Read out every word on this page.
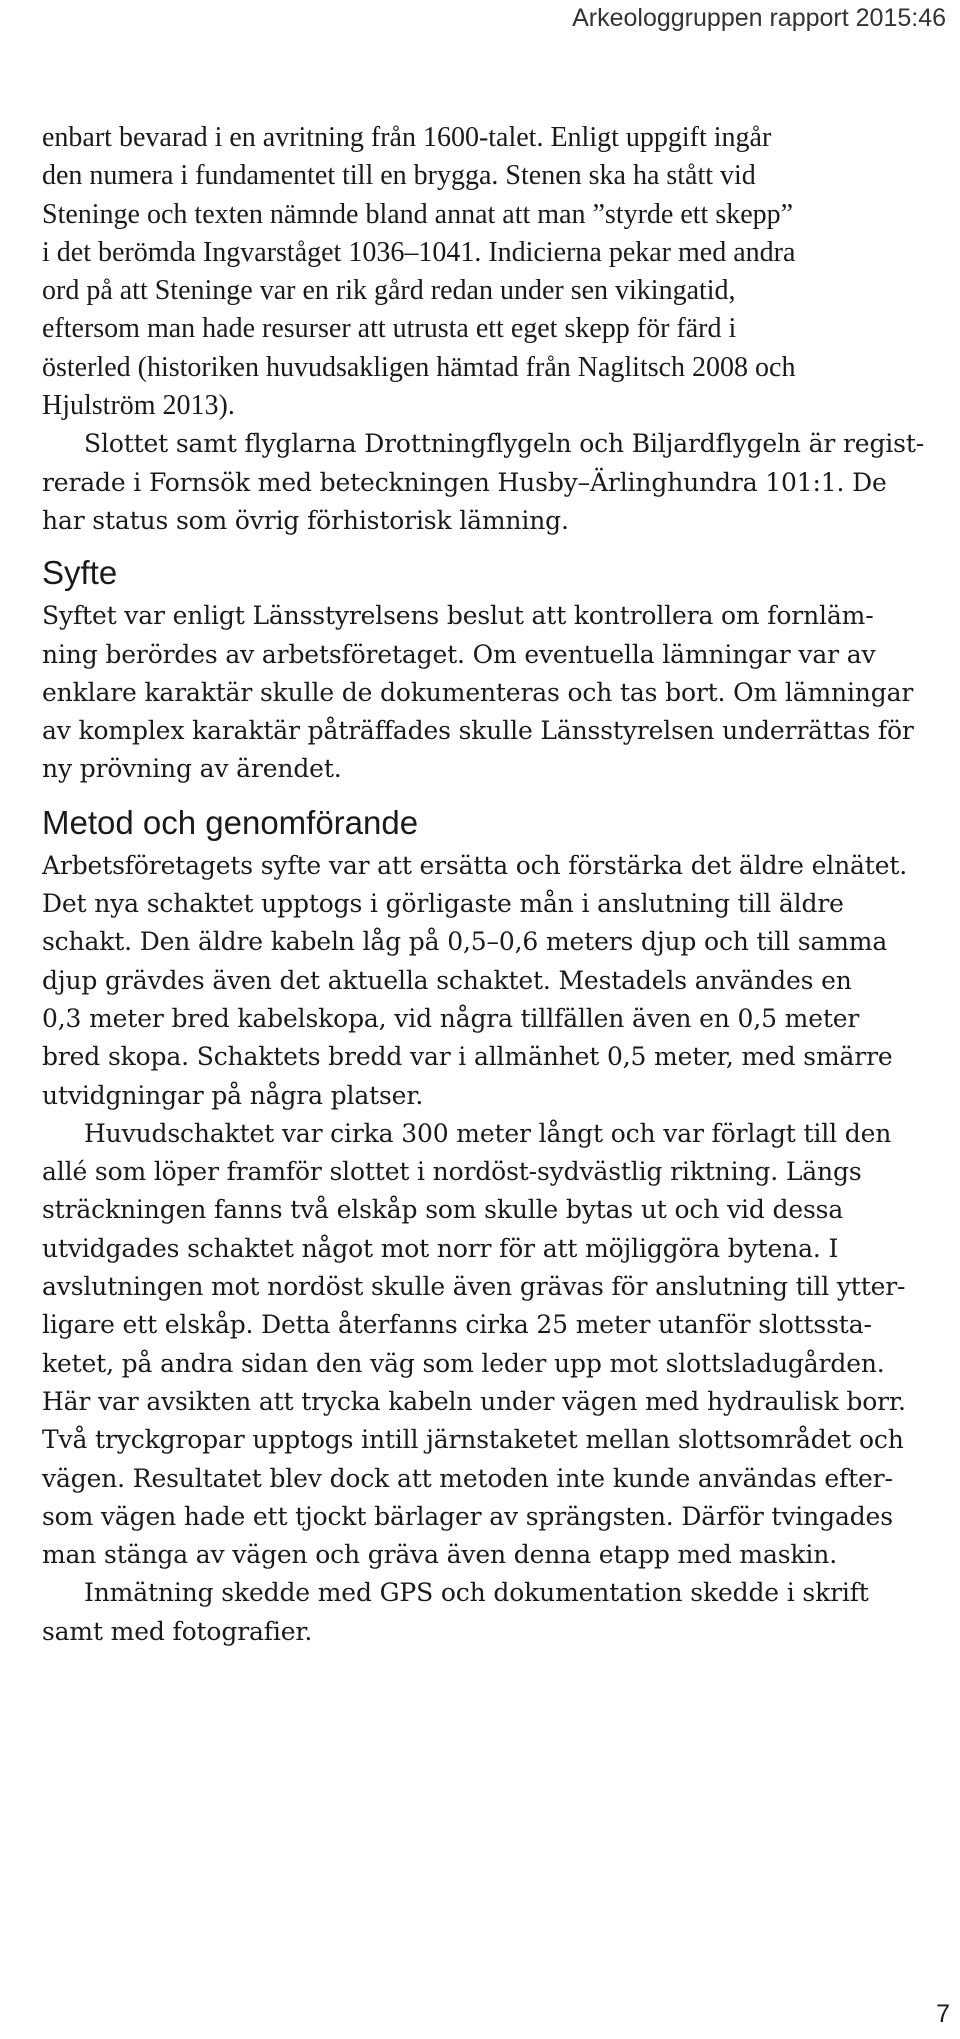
Arkeologgruppen rapport 2015:46

enbart bevarad i en avritning från 1600-talet. Enligt uppgift ingår
den numera i fundamentet till en brygga. Stenen ska ha stått vid
Steninge och texten nämnde bland annat att man ”styrde ett skepp”
i det berömda Ingvarståget 1036–1041. Indicierna pekar med andra
ord på att Steninge var en rik gård redan under sen vikingatid,
eftersom man hade resurser att utrusta ett eget skepp för färd i
österled (historiken huvudsakligen hämtad från Naglitsch 2008 och
Hjulström 2013).

Slottet samt flyglarna Drottningflygeln och Biljardflygeln är regist-
rerade i Fornsök med beteckningen Husby–Ärlinghundra 101:1. De
har status som övrig förhistorisk lämning.

Syfte

Syftet var enligt Länsstyrelsens beslut att kontrollera om fornläm-
ning berördes av arbetsföretaget. Om eventuella lämningar var av
enklare karaktär skulle de dokumenteras och tas bort. Om lämningar
av komplex karaktär påträffades skulle Länsstyrelsen underrättas för
ny prövning av ärendet.

Metod och genomförande

Arbetsföretagets syfte var att ersätta och förstärka det äldre elnätet.
Det nya schaktet upptogs i görligaste mån i anslutning till äldre
schakt. Den äldre kabeln låg på 0,5–0,6 meters djup och till samma
djup grävdes även det aktuella schaktet. Mestadels användes en
0,3 meter bred kabelskopa, vid några tillfällen även en 0,5 meter
bred skopa. Schaktets bredd var i allmänhet 0,5 meter, med smärre
utvidgningar på några platser.

Huvudschaktet var cirka 300 meter långt och var förlagt till den
allé som löper framför slottet i nordöst-sydvästlig riktning. Längs
sträckningen fanns två elskåp som skulle bytas ut och vid dessa
utvidgades schaktet något mot norr för att möjliggöra bytena. I
avslutningen mot nordöst skulle även grävas för anslutning till ytter-
ligare ett elskåp. Detta återfanns cirka 25 meter utanför slottssta-
ketet, på andra sidan den väg som leder upp mot slottsladugården.
Här var avsikten att trycka kabeln under vägen med hydraulisk borr.
Två tryckgropar upptogs intill järnstaketet mellan slottsområdet och
vägen. Resultatet blev dock att metoden inte kunde användas efter-
som vägen hade ett tjockt bärlager av sprängsten. Därför tvingades
man stänga av vägen och gräva även denna etapp med maskin.

Inmätning skedde med GPS och dokumentation skedde i skrift
samt med fotografier.

7
